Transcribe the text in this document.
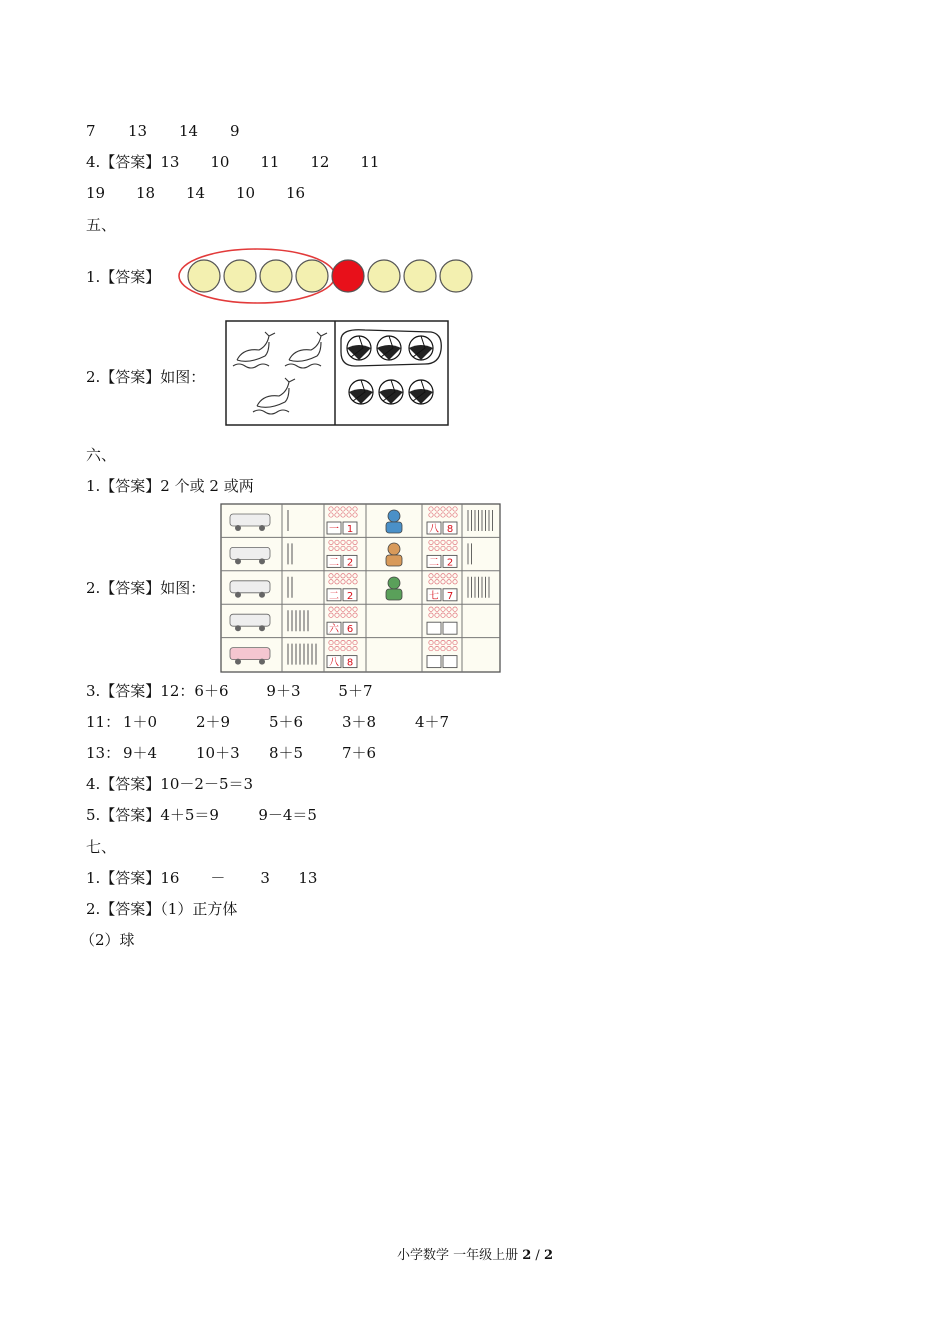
7 13 14 9
4.【答案】13 10 11 12 11
19 18 14 10 16
五、
1.【答案】
2.【答案】如图：
六、
1.【答案】2 个或 2 或两
2.【答案】如图：
一 1	八 8
二 2	二 2
二 2	七 7
六 6
八 8
3.【答案】12：6＋6	9＋3	5＋7
11： 1＋0	2＋9	5＋6	3＋8	4＋7
13： 9＋4	10＋3 8＋5	7＋6
4.【答案】10－2－5＝3
5.【答案】4＋5＝9	9－4＝5
七、
1.【答案】16 － 3 13
2.【答案】（1）正方体
（2）球
小学数学 一年级上册 2 / 2
